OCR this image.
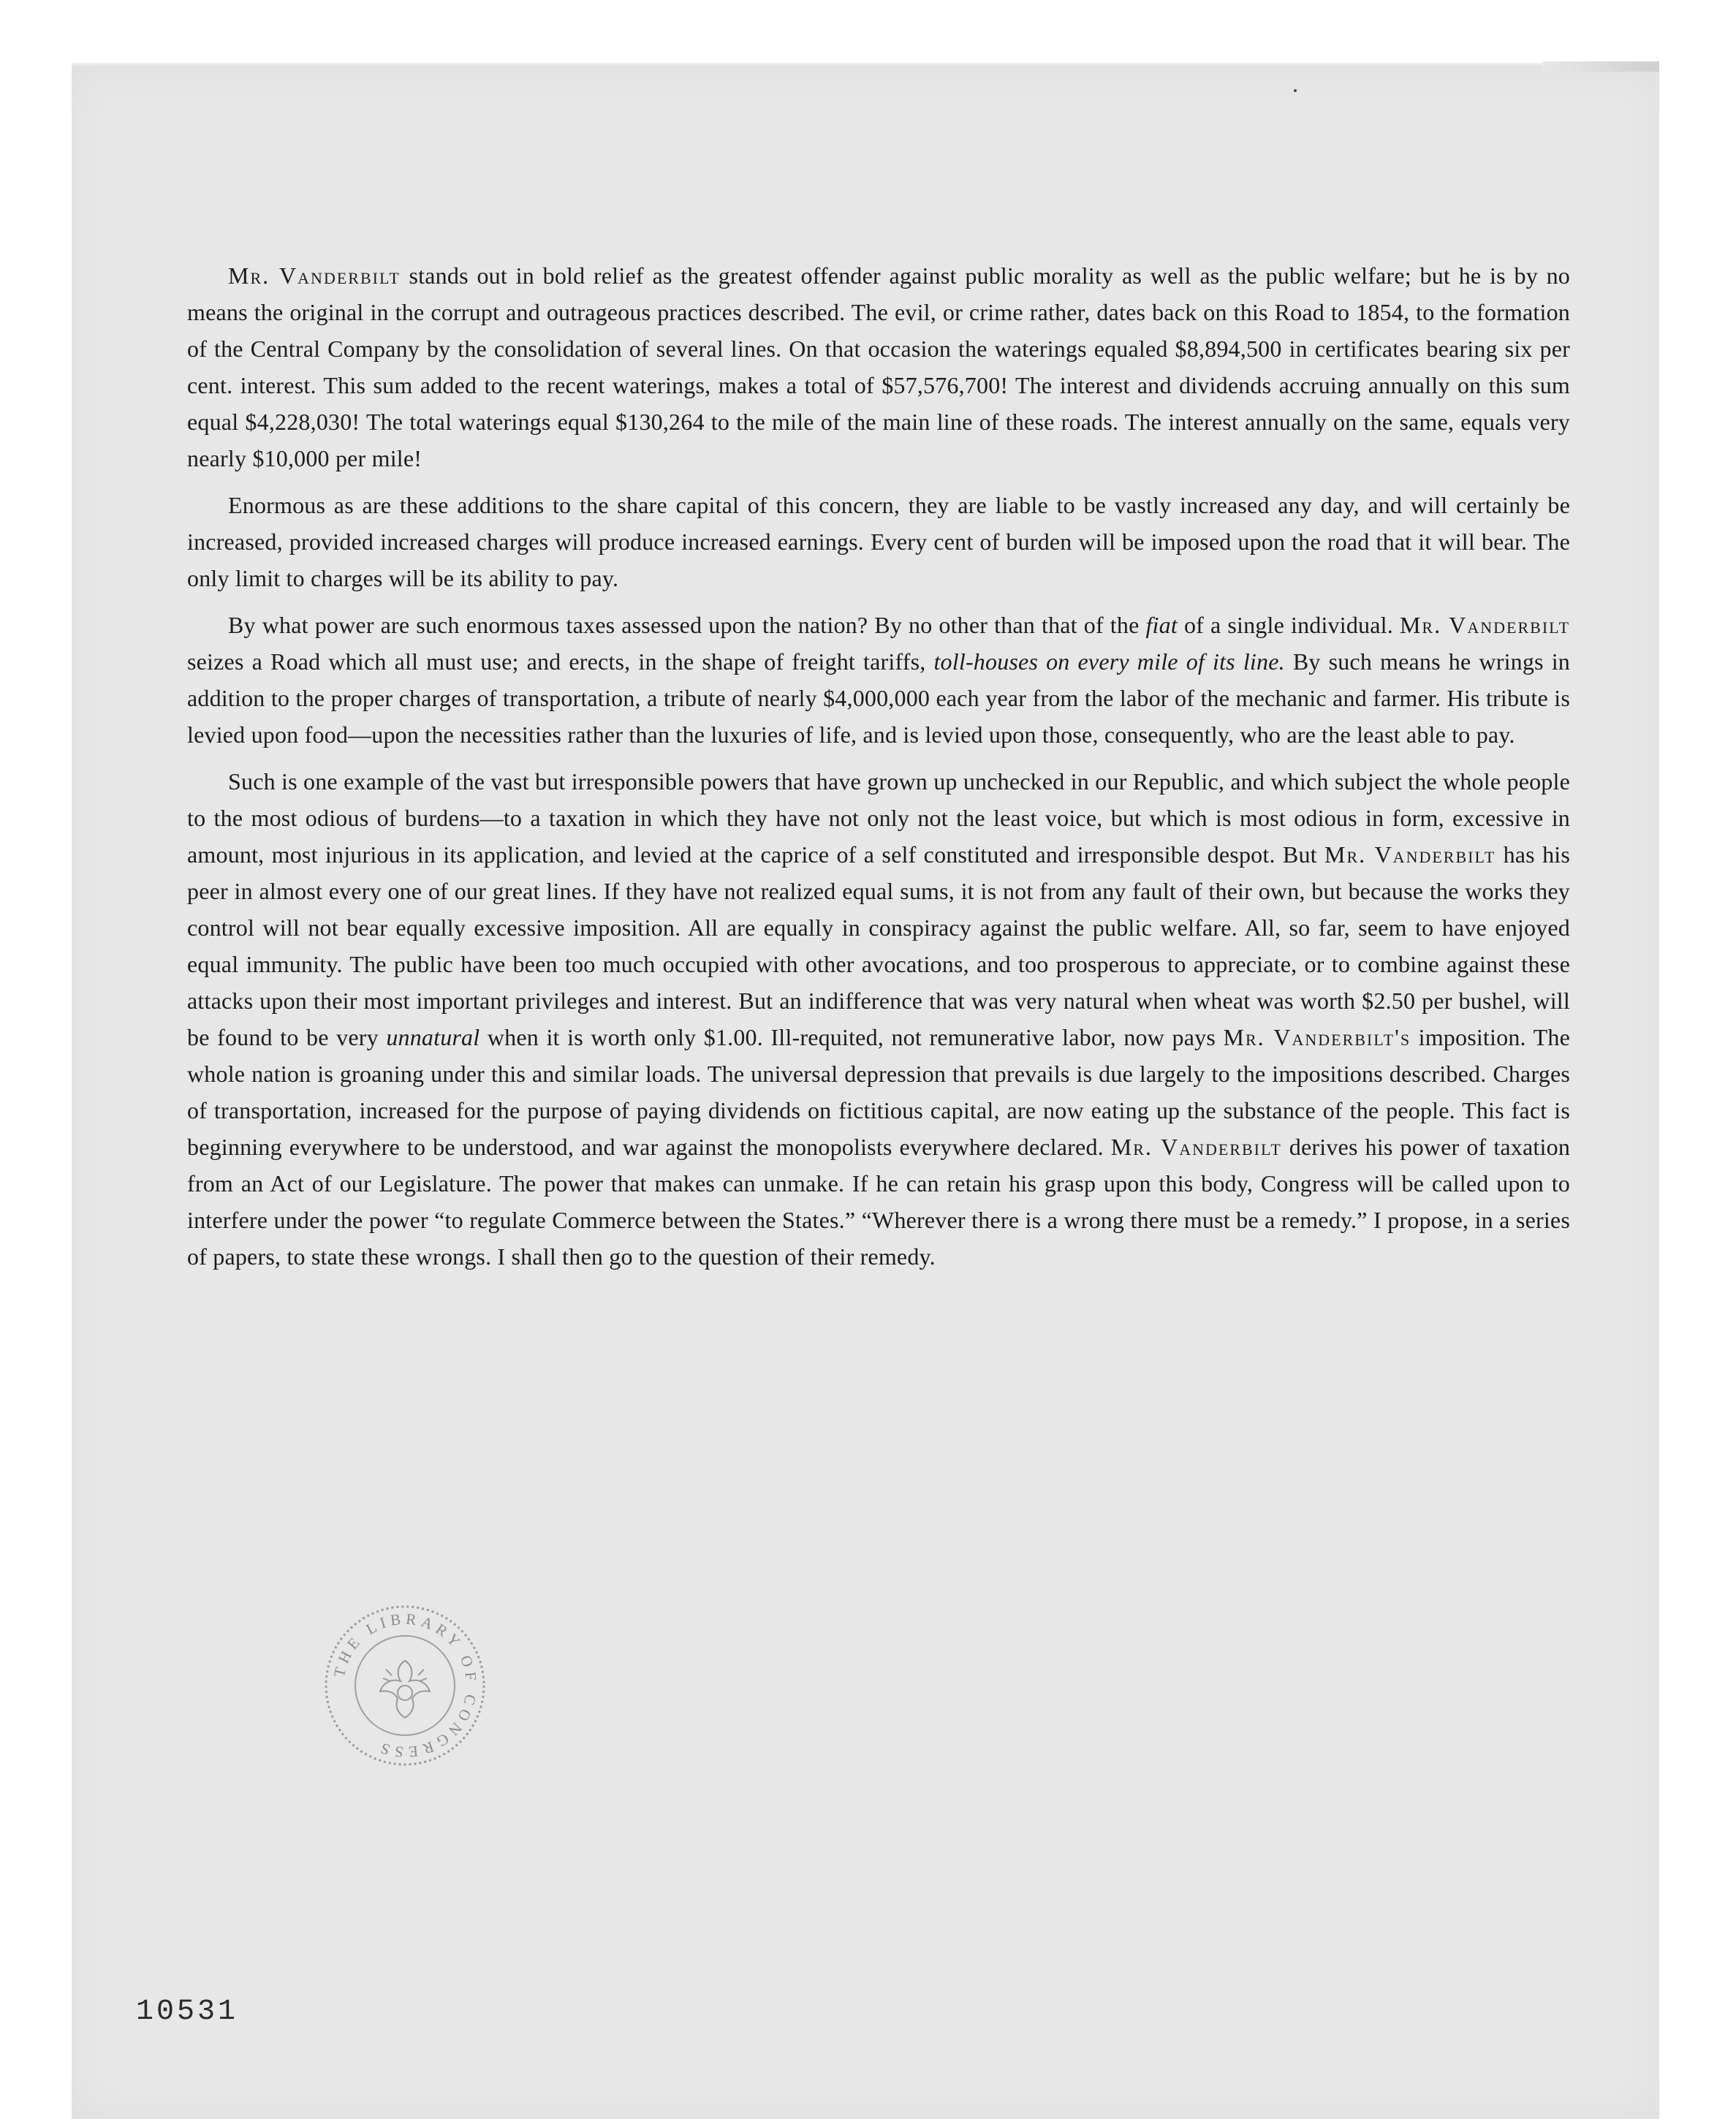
Mr. Vanderbilt stands out in bold relief as the greatest offender against public morality as well as the public welfare; but he is by no means the original in the corrupt and outrageous practices described. The evil, or crime rather, dates back on this Road to 1854, to the formation of the Central Company by the consolidation of several lines. On that occasion the waterings equaled $8,894,500 in certificates bearing six per cent. interest. This sum added to the recent waterings, makes a total of $57,576,700! The interest and dividends accruing annually on this sum equal $4,228,030! The total waterings equal $130,264 to the mile of the main line of these roads. The interest annually on the same, equals very nearly $10,000 per mile!

Enormous as are these additions to the share capital of this concern, they are liable to be vastly increased any day, and will certainly be increased, provided increased charges will produce increased earnings. Every cent of burden will be imposed upon the road that it will bear. The only limit to charges will be its ability to pay.

By what power are such enormous taxes assessed upon the nation? By no other than that of the fiat of a single individual. Mr. Vanderbilt seizes a Road which all must use; and erects, in the shape of freight tariffs, toll-houses on every mile of its line. By such means he wrings in addition to the proper charges of transportation, a tribute of nearly $4,000,000 each year from the labor of the mechanic and farmer. His tribute is levied upon food—upon the necessities rather than the luxuries of life, and is levied upon those, consequently, who are the least able to pay.

Such is one example of the vast but irresponsible powers that have grown up unchecked in our Republic, and which subject the whole people to the most odious of burdens—to a taxation in which they have not only not the least voice, but which is most odious in form, excessive in amount, most injurious in its application, and levied at the caprice of a self constituted and irresponsible despot. But Mr. Vanderbilt has his peer in almost every one of our great lines. If they have not realized equal sums, it is not from any fault of their own, but because the works they control will not bear equally excessive imposition. All are equally in conspiracy against the public welfare. All, so far, seem to have enjoyed equal immunity. The public have been too much occupied with other avocations, and too prosperous to appreciate, or to combine against these attacks upon their most important privileges and interest. But an indifference that was very natural when wheat was worth $2.50 per bushel, will be found to be very unnatural when it is worth only $1.00. Ill-requited, not remunerative labor, now pays Mr. Vanderbilt's imposition. The whole nation is groaning under this and similar loads. The universal depression that prevails is due largely to the impositions described. Charges of transportation, increased for the purpose of paying dividends on fictitious capital, are now eating up the substance of the people. This fact is beginning everywhere to be understood, and war against the monopolists everywhere declared. Mr. Vanderbilt derives his power of taxation from an Act of our Legislature. The power that makes can unmake. If he can retain his grasp upon this body, Congress will be called upon to interfere under the power “to regulate Commerce between the States.” “Wherever there is a wrong there must be a remedy.” I propose, in a series of papers, to state these wrongs. I shall then go to the question of their remedy.

THE LIBRARY OF CONGRESS
10531
